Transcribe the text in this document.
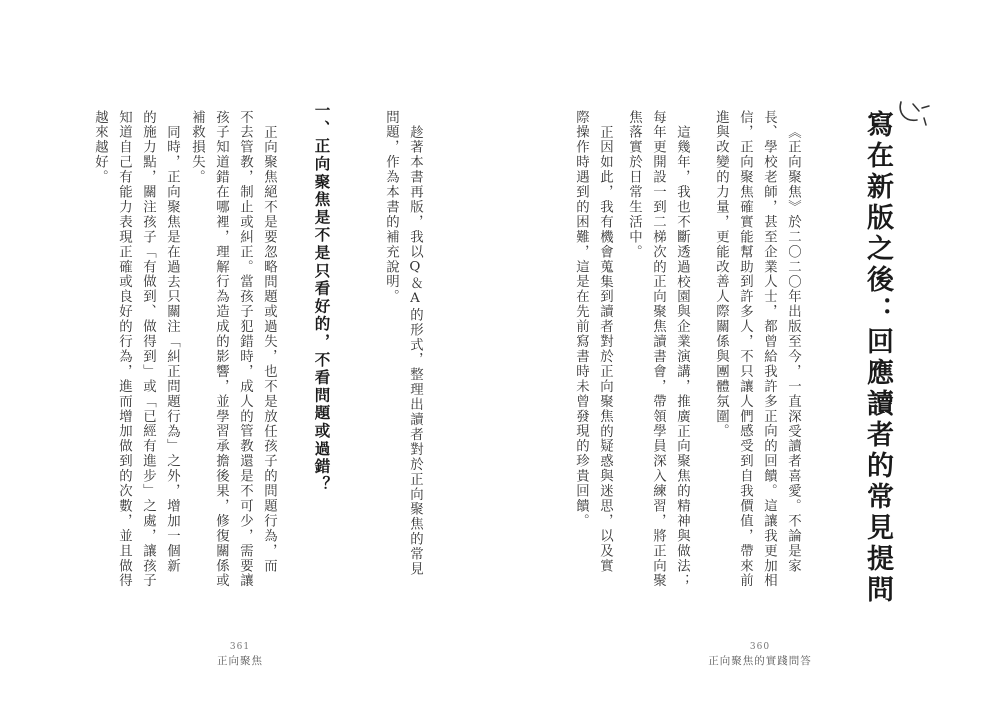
寫在新版之後：回應讀者的常見提問
《正向聚焦》於二〇二〇年出版至今，一直深受讀者喜愛。不論是家
長、學校老師，甚至企業人士，都曾給我許多正向的回饋。這讓我更加相
信，正向聚焦確實能幫助到許多人，不只讓人們感受到自我價值，帶來前
進與改變的力量，更能改善人際關係與團體氛圍。
這幾年，我也不斷透過校園與企業演講，推廣正向聚焦的精神與做法；
每年更開設一到二梯次的正向聚焦讀書會，帶領學員深入練習，將正向聚
焦落實於日常生活中。
正因如此，我有機會蒐集到讀者對於正向聚焦的疑惑與迷思，以及實
際操作時遇到的困難，這是在先前寫書時未曾發現的珍貴回饋。
360
正向聚焦的實踐問答
趁著本書再版，我以Q＆A的形式，整理出讀者對於正向聚焦的常見
問題，作為本書的補充說明。
一、正向聚焦是不是只看好的，不看問題或過錯？
正向聚焦絕不是要忽略問題或過失，也不是放任孩子的問題行為，而
不去管教，制止或糾正。當孩子犯錯時，成人的管教還是不可少，需要讓
孩子知道錯在哪裡，理解行為造成的影響，並學習承擔後果，修復關係或
補救損失。
同時，正向聚焦是在過去只關注「糾正問題行為」之外，增加一個新
的施力點，關注孩子「有做到、做得到」或「已經有進步」之處，讓孩子
知道自己有能力表現正確或良好的行為，進而增加做到的次數，並且做得
越來越好。
361
正向聚焦
